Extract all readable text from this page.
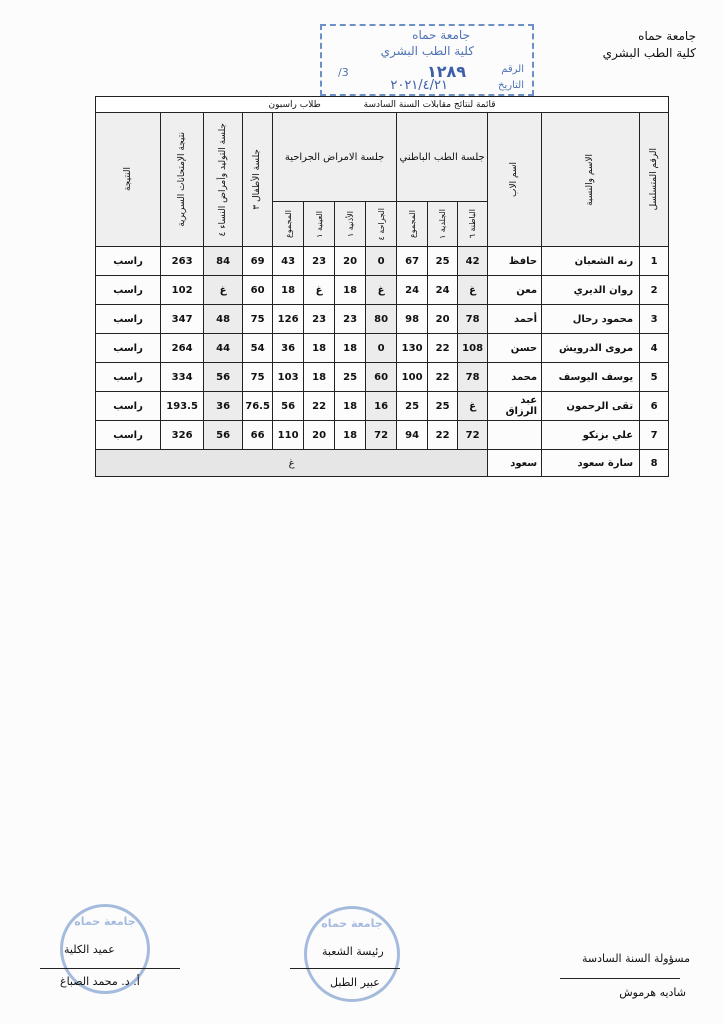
جامعة حماه
كلية الطب البشري
جامعة حماه
كلية الطب البشري
الرقم
التاريخ
١٢٨٩
٢٠٢١/٤/٢١
3/
قائمة لنتائج مقابلات السنة السادسة طلاب راسبون													

الرقم المتسلسل	الاسم والنسبة	اسم الاب	جلسة الطب الباطني			جلسة الامراض الجراحية				جلسة الأطفال ٣	جلسة التوليد وأمراض النساء ٤	نتيجة الإمتحانات السريرية	النتيجة

			الباطنة ٦	الجلدية ١	المجموع	الجراحة ٤	الأذنية ١	العينية ١	المجموع				

1	رنه الشعبان	حافظ	42	25	67	0	20	23	43	69	84	263	راسب
2	روان الديري	معن	غ	24	24	غ	18	غ	18	60	غ	102	راسب
3	محمود رحال	أحمد	78	20	98	80	23	23	126	75	48	347	راسب
4	مروى الدرويش	حسن	108	22	130	0	18	18	36	54	44	264	راسب
5	يوسف اليوسف	محمد	78	22	100	60	25	18	103	75	56	334	راسب
6	تقى الرحمون	عبد الرزاق	غ	25	25	16	18	22	56	76.5	36	193.5	راسب
7	علي بزنكو		72	22	94	72	18	20	110	66	56	326	راسب
8	سارة سعود	سعود	غ										
جامعة حماه	جامعة حماه
عميد الكلية
أ. د. محمد الصباغ
رئيسة الشعبة
عبير الطبل
مسؤولة السنة السادسة
شاديه هرموش
